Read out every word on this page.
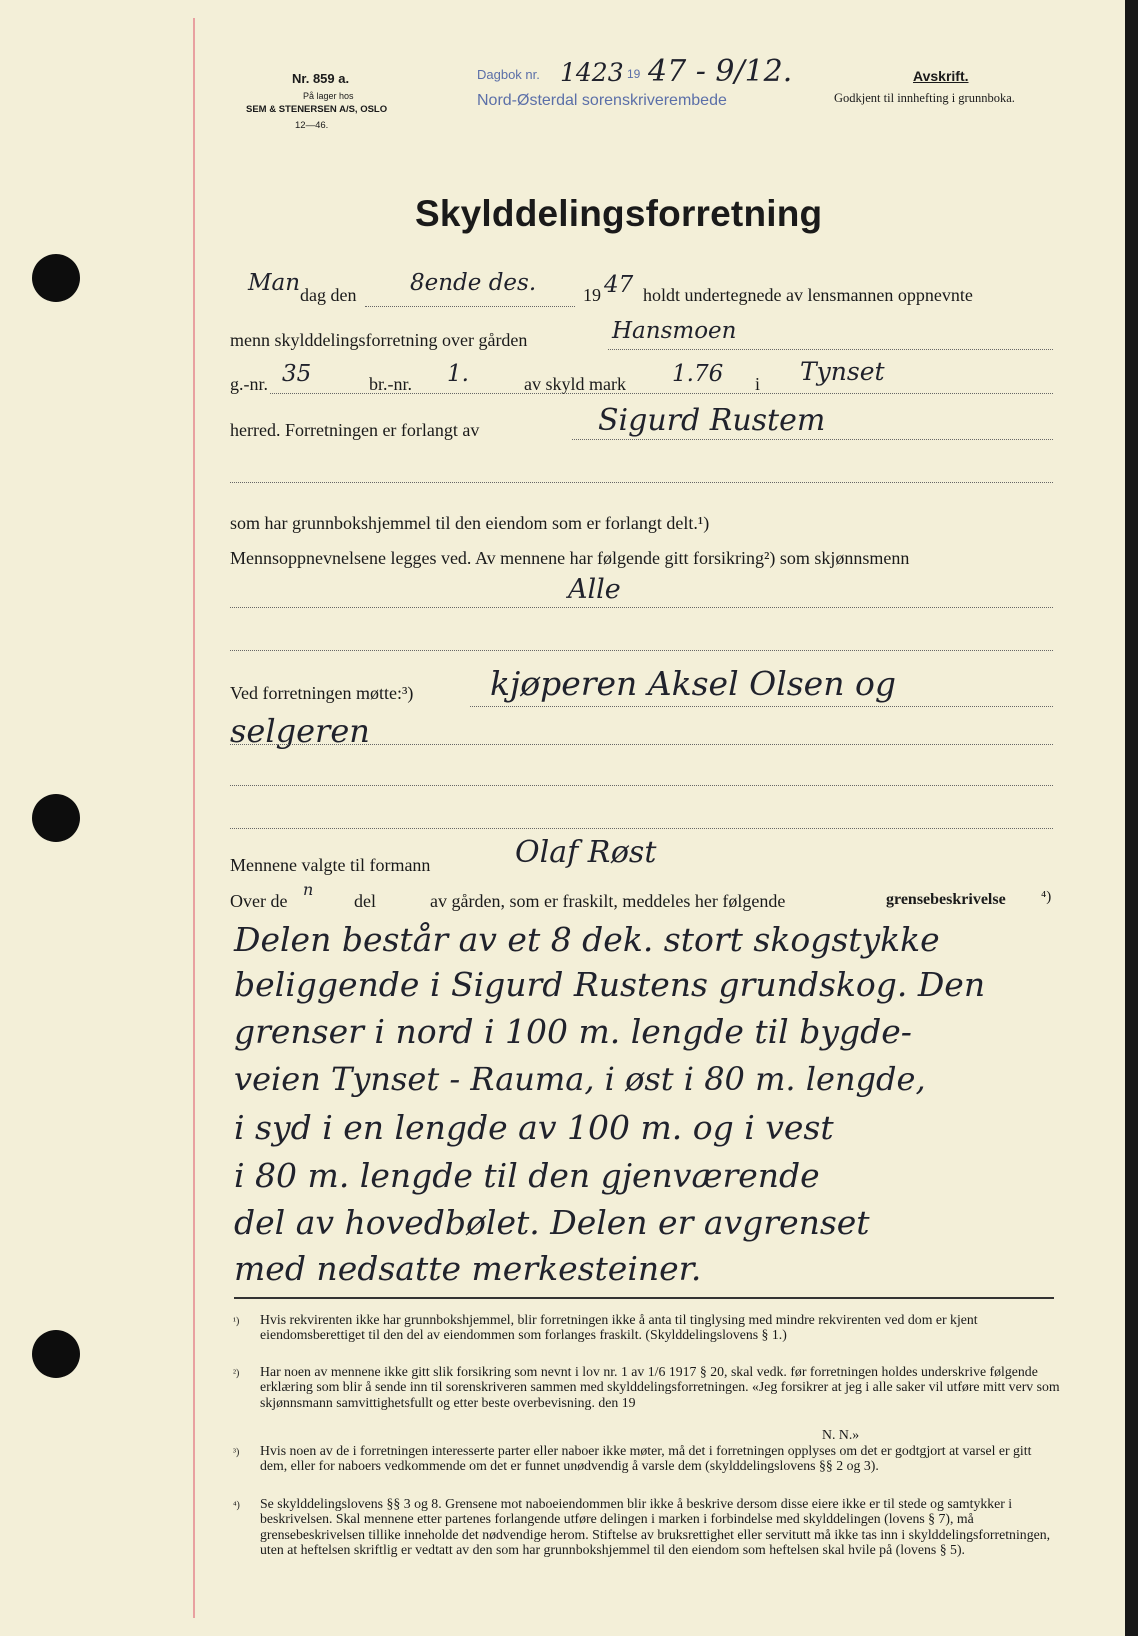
Nr. 859 a.
På lager hos
SEM & STENERSEN A/S, OSLO
12—46.
Dagbok nr. 1423 19 47 - 9/12.
Nord-Østerdal sorenskriverembede
Avskrift.
Godkjent til innhefting i grunnboka.
Skylddelingsforretning
Man dag den 8ende des.	19 47 holdt undertegnede av lensmannen oppnevnte
menn skylddelingsforretning over gården	Hansmoen
g.-nr. 35	br.-nr. 1.	av skyld mark 1.76 i Tynset
herred. Forretningen er forlangt av	Sigurd Rustem
som har grunnbokshjemmel til den eiendom som er forlangt delt.¹)
Mennsoppnevnelsene legges ved. Av mennene har følgende gitt forsikring²) som skjønnsmenn
Alle
Ved forretningen møtte:³) kjøperen Aksel Olsen og
selgeren
Mennene valgte til formann	Olaf Røst
Over de
n
del	av gården, som er fraskilt, meddeles her følgende	grensebeskrivelse ⁴)
Delen består av et 8 dek. stort skogstykke
beliggende i Sigurd Rustens grundskog. Den
grenser i nord i 100 m. lengde til bygde-
veien Tynset - Rauma, i øst i 80 m. lengde,
i syd i en lengde av 100 m. og i vest
i 80 m. lengde til den gjenværende
del av hovedbølet. Delen er avgrenset
med nedsatte merkesteiner.
¹)	Hvis rekvirenten ikke har grunnbokshjemmel, blir forretningen ikke å anta til tinglysing med mindre rekvirenten ved dom er kjent eiendomsberettiget til den del av eiendommen som forlanges fraskilt. (Skylddelingslovens § 1.)
²)	Har noen av mennene ikke gitt slik forsikring som nevnt i lov nr. 1 av 1/6 1917 § 20, skal vedk. før forretningen holdes underskrive følgende erklæring som blir å sende inn til sorenskriveren sammen med skylddelingsforretningen. «Jeg forsikrer at jeg i alle saker vil utføre mitt verv som skjønnsmann samvittighetsfullt og etter beste overbevisning. den 19
N. N.»
³)	Hvis noen av de i forretningen interesserte parter eller naboer ikke møter, må det i forretningen opplyses om det er godtgjort at varsel er gitt dem, eller for naboers vedkommende om det er funnet unødvendig å varsle dem (skylddelingslovens §§ 2 og 3).
⁴)	Se skylddelingslovens §§ 3 og 8. Grensene mot naboeiendommen blir ikke å beskrive dersom disse eiere ikke er til stede og samtykker i beskrivelsen. Skal mennene etter partenes forlangende utføre delingen i marken i forbindelse med skylddelingen (lovens § 7), må grensebeskrivelsen tillike inneholde det nødvendige herom. Stiftelse av bruksrettighet eller servitutt må ikke tas inn i skylddelingsforretningen, uten at heftelsen skriftlig er vedtatt av den som har grunnbokshjemmel til den eiendom som heftelsen skal hvile på (lovens § 5).
